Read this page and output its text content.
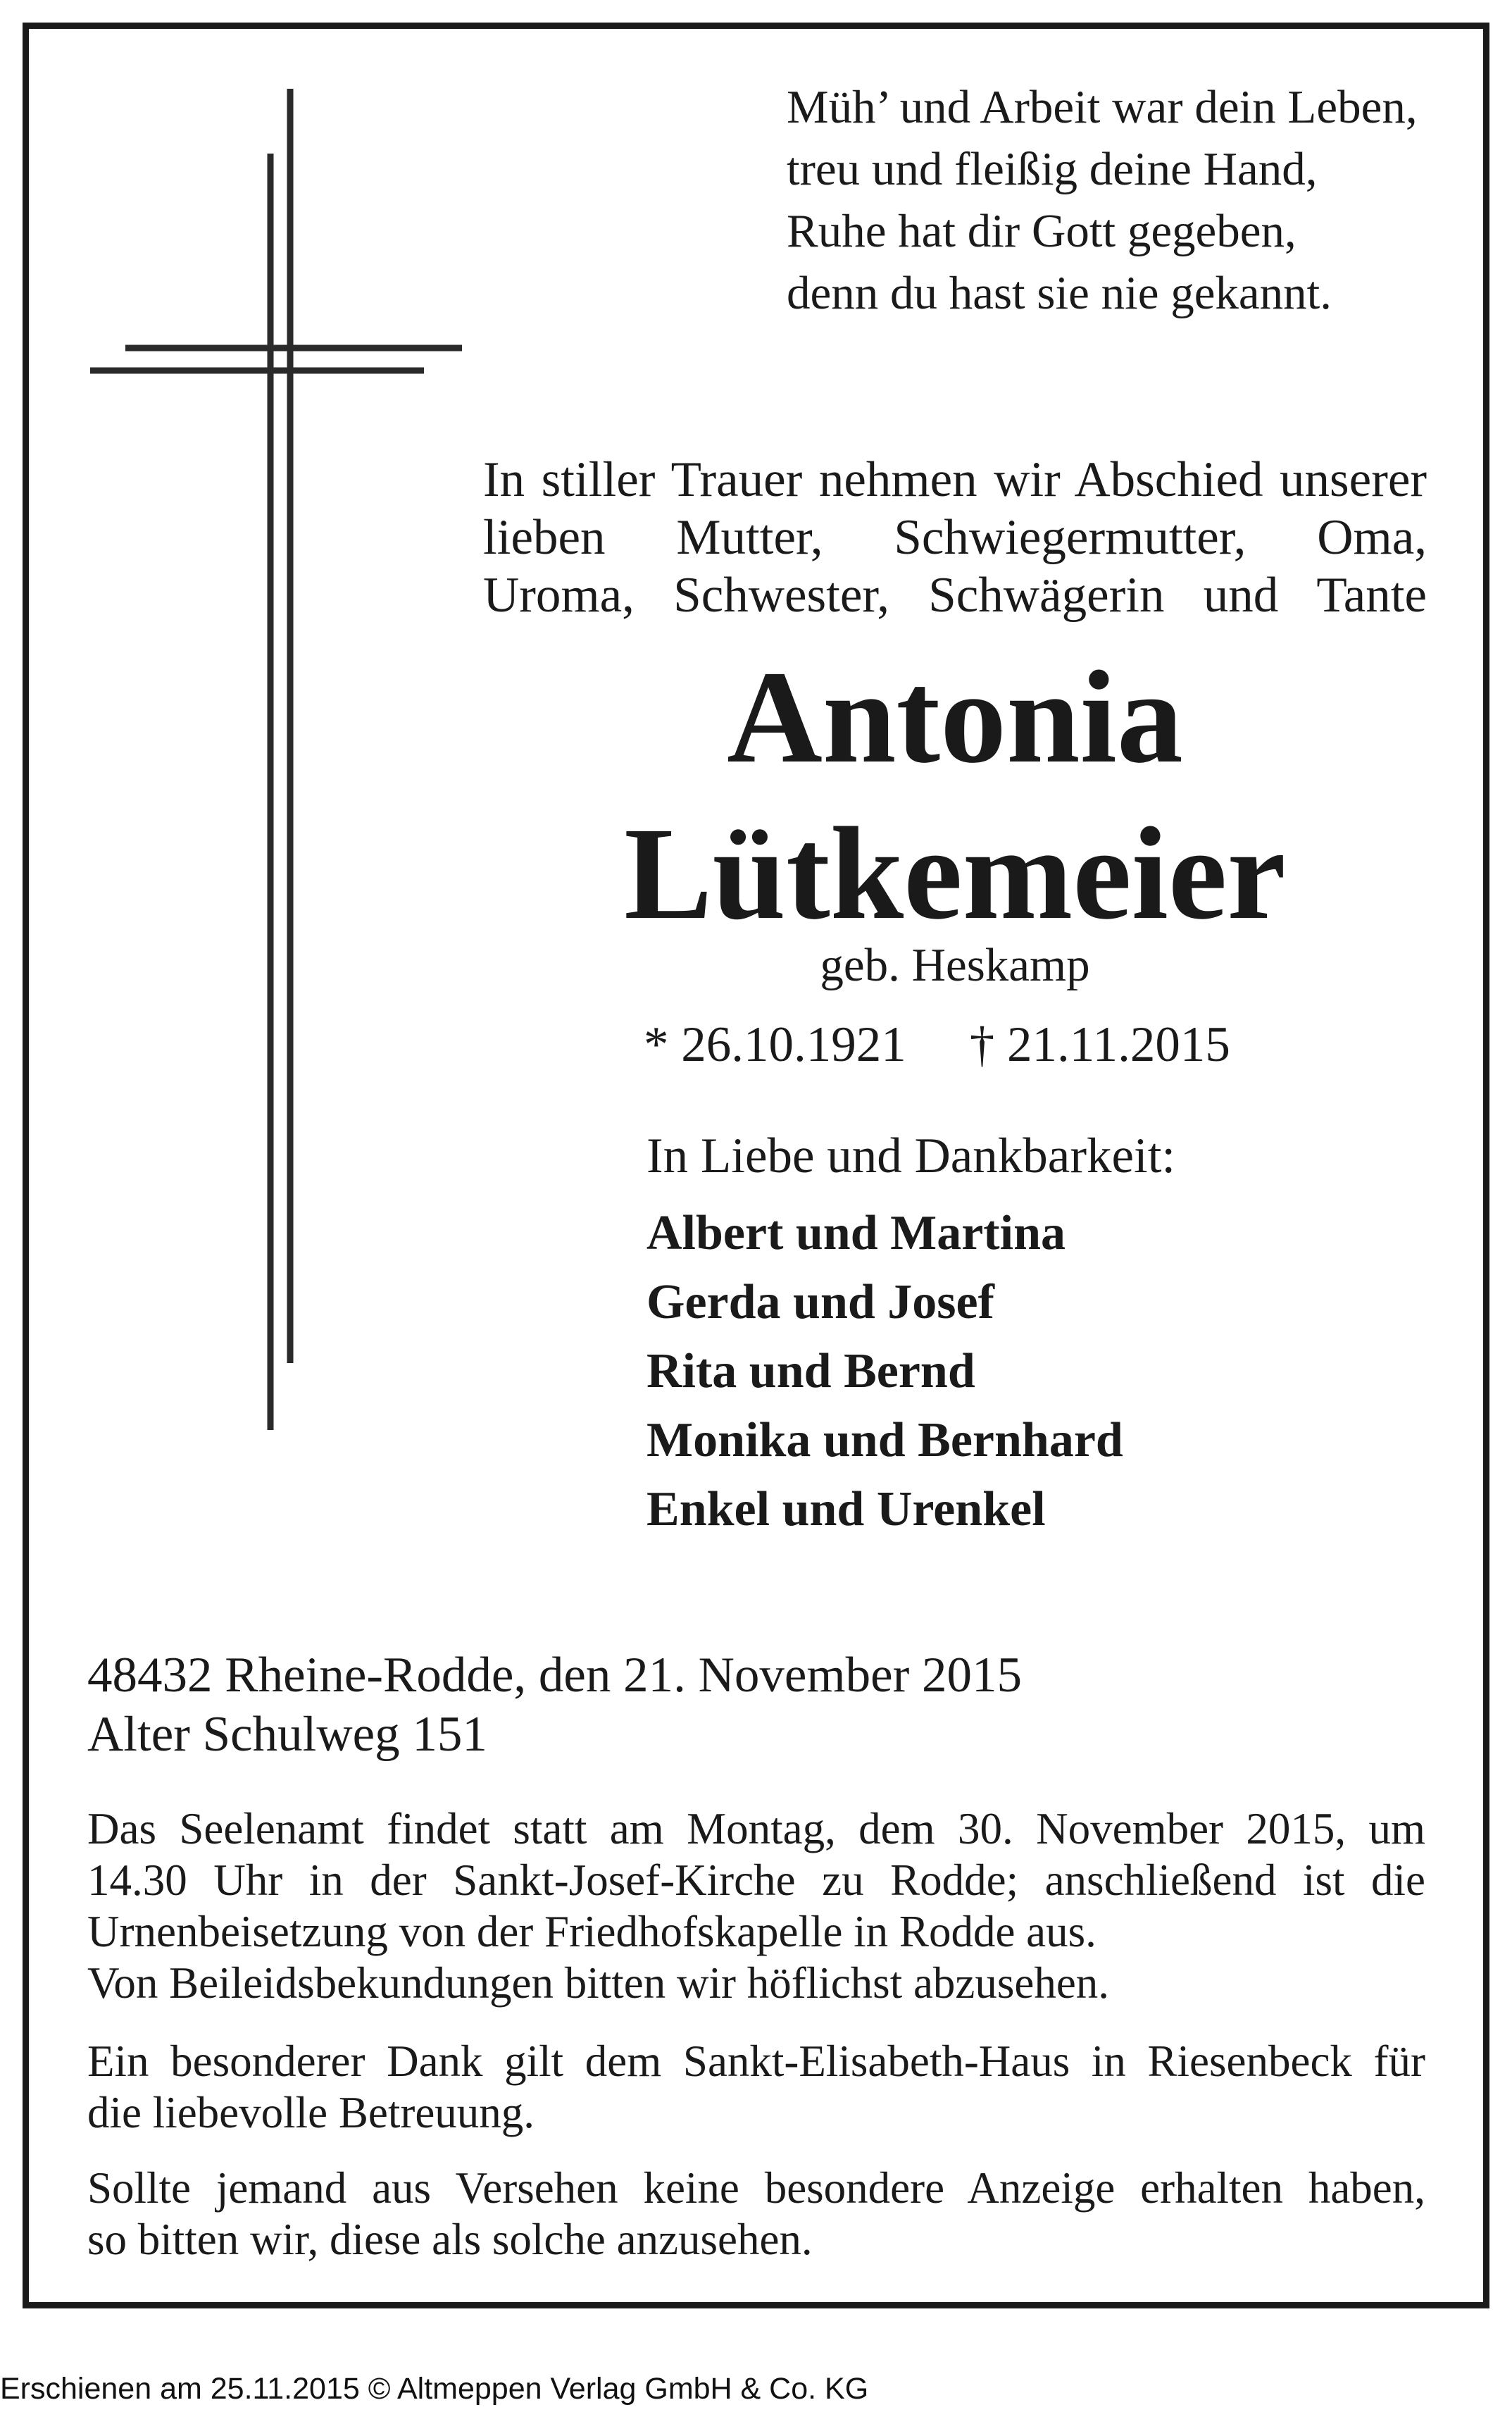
Müh’ und Arbeit war dein Leben,
treu und fleißig deine Hand,
Ruhe hat dir Gott gegeben,
denn du hast sie nie gekannt.
In stiller Trauer nehmen wir Abschied unserer
lieben Mutter, Schwiegermutter, Oma,
Uroma, Schwester, Schwägerin und Tante
Antonia
Lütkemeier
geb. Heskamp
* 26.10.1921 † 21.11.2015
In Liebe und Dankbarkeit:
Albert und Martina
Gerda und Josef
Rita und Bernd
Monika und Bernhard
Enkel und Urenkel
48432 Rheine-Rodde, den 21. November 2015
Alter Schulweg 151
Das Seelenamt findet statt am Montag, dem 30. November 2015, um
14.30 Uhr in der Sankt-Josef-Kirche zu Rodde; anschließend ist die
Urnenbeisetzung von der Friedhofskapelle in Rodde aus.
Von Beileidsbekundungen bitten wir höflichst abzusehen.
Ein besonderer Dank gilt dem Sankt-Elisabeth-Haus in Riesenbeck für
die liebevolle Betreuung.
Sollte jemand aus Versehen keine besondere Anzeige erhalten haben,
so bitten wir, diese als solche anzusehen.
Erschienen am 25.11.2015 © Altmeppen Verlag GmbH & Co. KG
